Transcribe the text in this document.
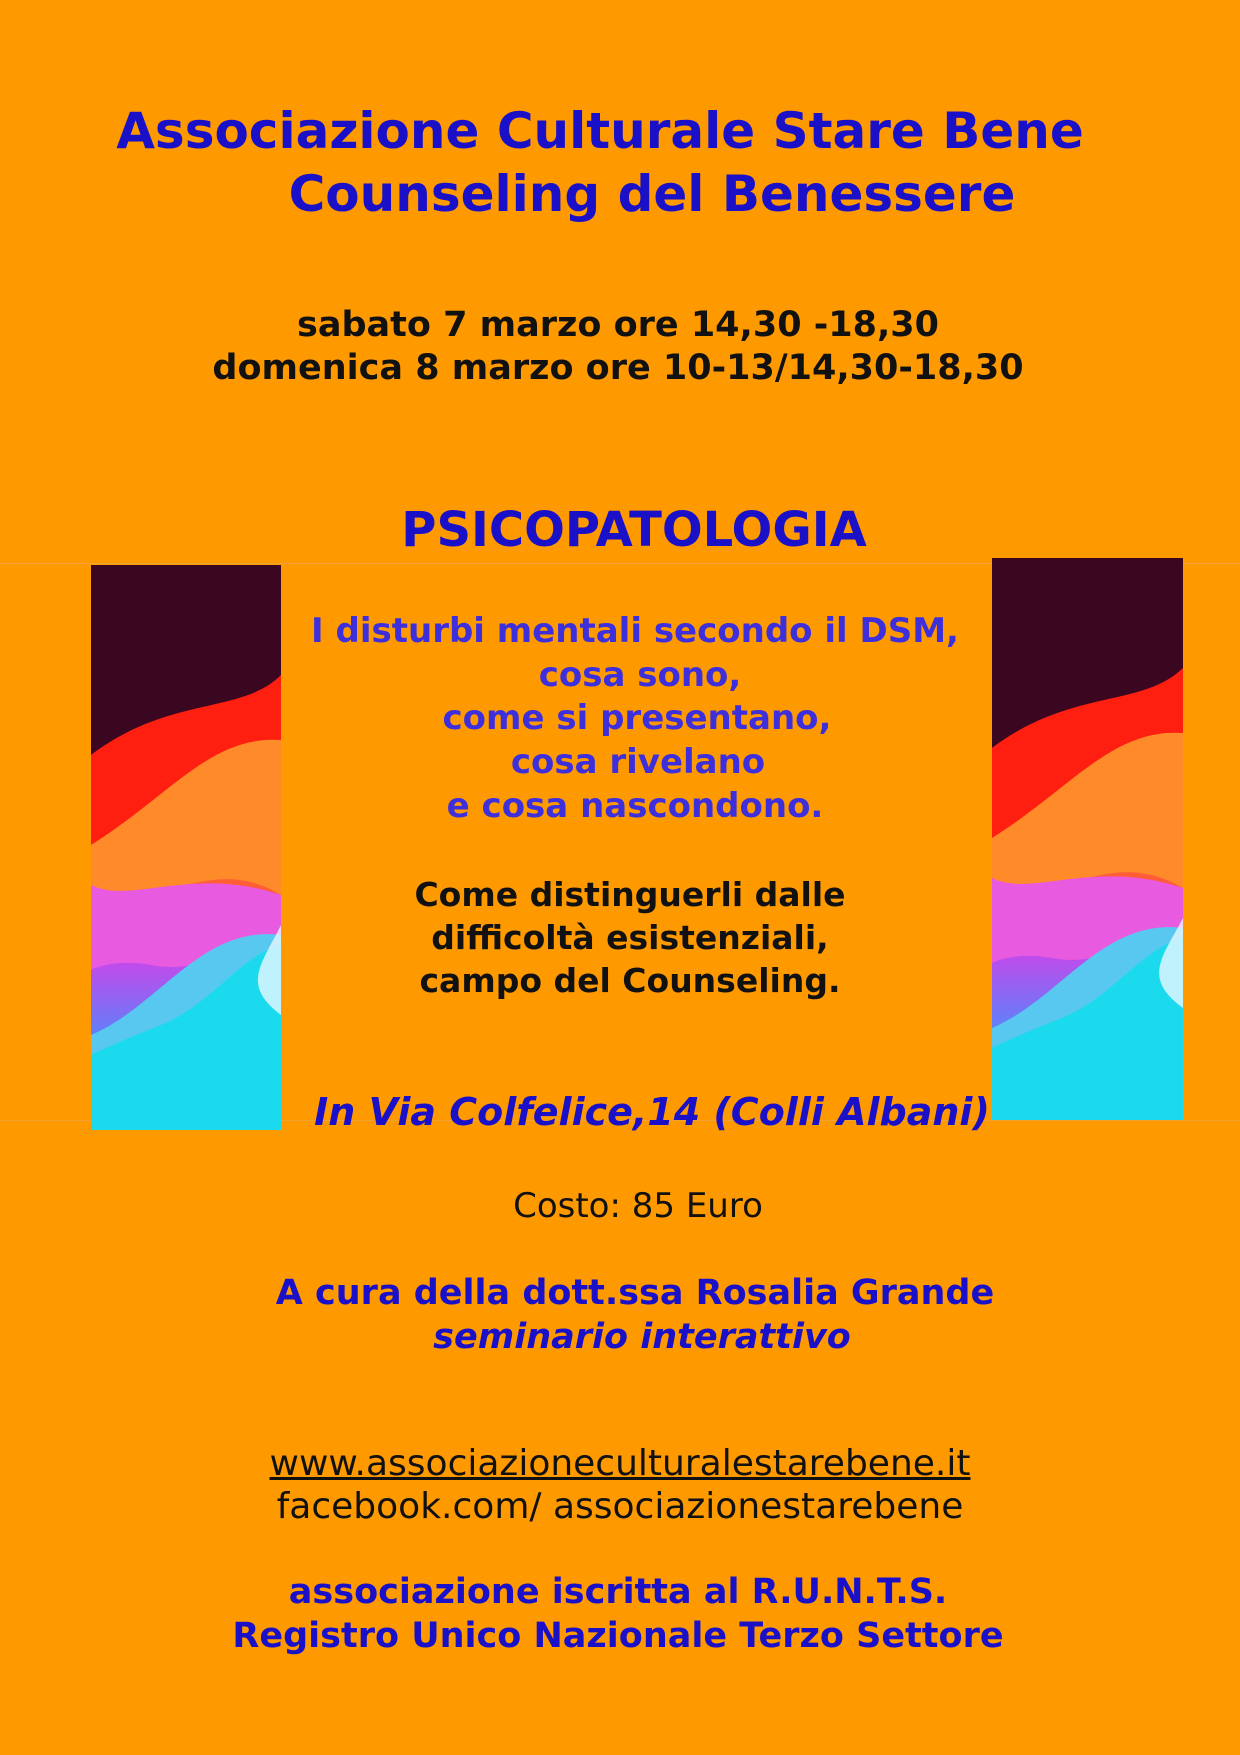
Associazione Culturale Stare Bene
Counseling del Benessere
sabato 7 marzo ore 14,30 -18,30
domenica 8 marzo ore 10-13/14,30-18,30
PSICOPATOLOGIA
I disturbi mentali secondo il DSM,
cosa sono,
come si presentano,
cosa rivelano
e cosa nascondono.
Come distinguerli dalle
difficoltà esistenziali,
campo del Counseling.
In Via Colfelice,14 (Colli Albani)
Costo: 85 Euro
A cura della dott.ssa Rosalia Grande
seminario interattivo
www.associazioneculturalestarebene.it
facebook.com/ associazionestarebene
associazione iscritta al R.U.N.T.S.
Registro Unico Nazionale Terzo Settore
